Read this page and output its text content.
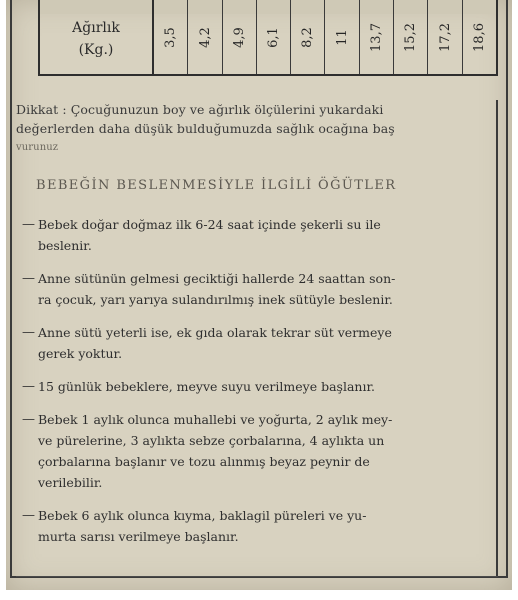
Ağırlık
(Kg.)
3,5 4,2 4,9 6,1 8,2 11 13,7 15,2 17,2 18,6
Dikkat : Çocuğunuzun boy ve ağırlık ölçülerini yukardaki
değerlerden daha düşük bulduğumuzda sağlık ocağına baş
vurunuz
BEBEĞİN BESLENMESİYLE İLGİLİ ÖĞÜTLER
— Bebek doğar doğmaz ilk 6-24 saat içinde şekerli su ile
beslenir.
— Anne sütünün gelmesi geciktiği hallerde 24 saattan son-
ra çocuk, yarı yarıya sulandırılmış inek sütüyle beslenir.
— Anne sütü yeterli ise, ek gıda olarak tekrar süt vermeye
gerek yoktur.
— 15 günlük bebeklere, meyve suyu verilmeye başlanır.
— Bebek 1 aylık olunca muhallebi ve yoğurta, 2 aylık mey-
ve pürelerine, 3 aylıkta sebze çorbalarına, 4 aylıkta un
çorbalarına başlanır ve tozu alınmış beyaz peynir de
verilebilir.
— Bebek 6 aylık olunca kıyma, baklagil püreleri ve yu-
murta sarısı verilmeye başlanır.
